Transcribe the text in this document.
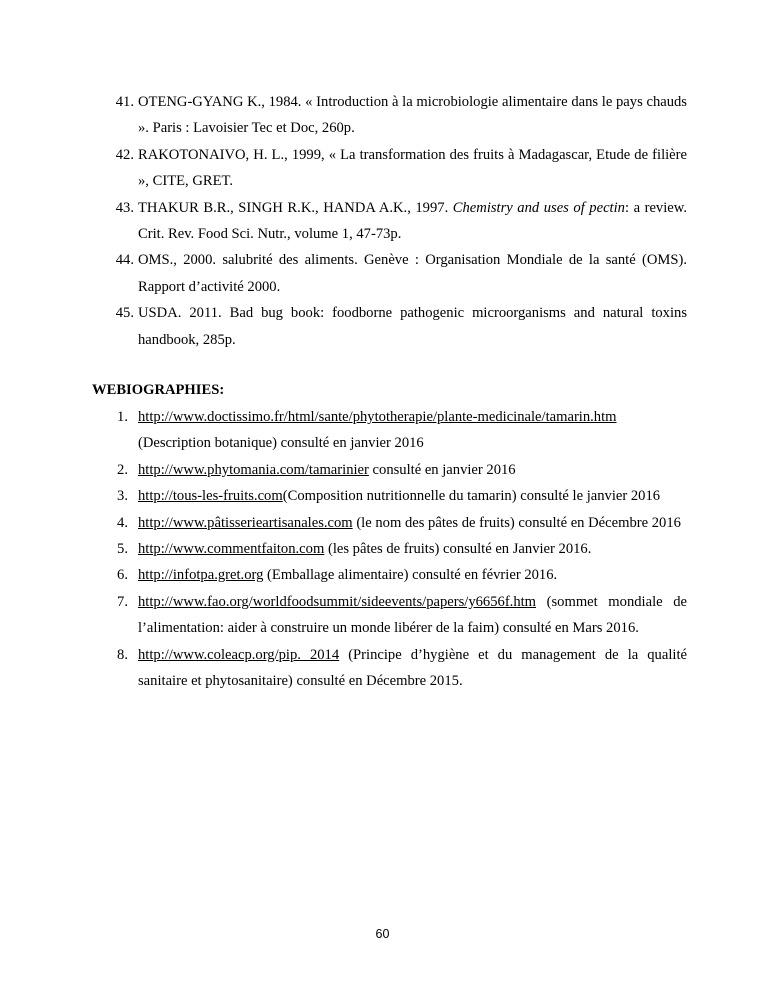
41. OTENG-GYANG K., 1984. « Introduction à la microbiologie alimentaire dans le pays chauds ». Paris : Lavoisier Tec et Doc, 260p.
42. RAKOTONAIVO, H. L., 1999, « La transformation des fruits à Madagascar, Etude de filière », CITE, GRET.
43. THAKUR B.R., SINGH R.K., HANDA A.K., 1997. Chemistry and uses of pectin: a review. Crit. Rev. Food Sci. Nutr., volume 1, 47-73p.
44. OMS., 2000. salubrité des aliments. Genève : Organisation Mondiale de la santé (OMS). Rapport d’activité 2000.
45. USDA. 2011. Bad bug book: foodborne pathogenic microorganisms and natural toxins handbook, 285p.
WEBIOGRAPHIES:
1. http://www.doctissimo.fr/html/sante/phytotherapie/plante-medicinale/tamarin.htm (Description botanique) consulté en janvier 2016
2. http://www.phytomania.com/tamarinier consulté en janvier 2016
3. http://tous-les-fruits.com(Composition nutritionnelle du tamarin) consulté le janvier 2016
4. http://www.pâtisserieartisanales.com (le nom des pâtes de fruits) consulté en Décembre 2016
5. http://www.commentfaiton.com (les pâtes de fruits) consulté en Janvier 2016.
6. http://infotpa.gret.org (Emballage alimentaire) consulté en février 2016.
7. http://www.fao.org/worldfoodsummit/sideevents/papers/y6656f.htm (sommet mondiale de l’alimentation: aider à construire un monde libérer de la faim) consulté en Mars 2016.
8. http://www.coleacp.org/pip. 2014 (Principe d’hygiène et du management de la qualité sanitaire et phytosanitaire) consulté en Décembre 2015.
60
